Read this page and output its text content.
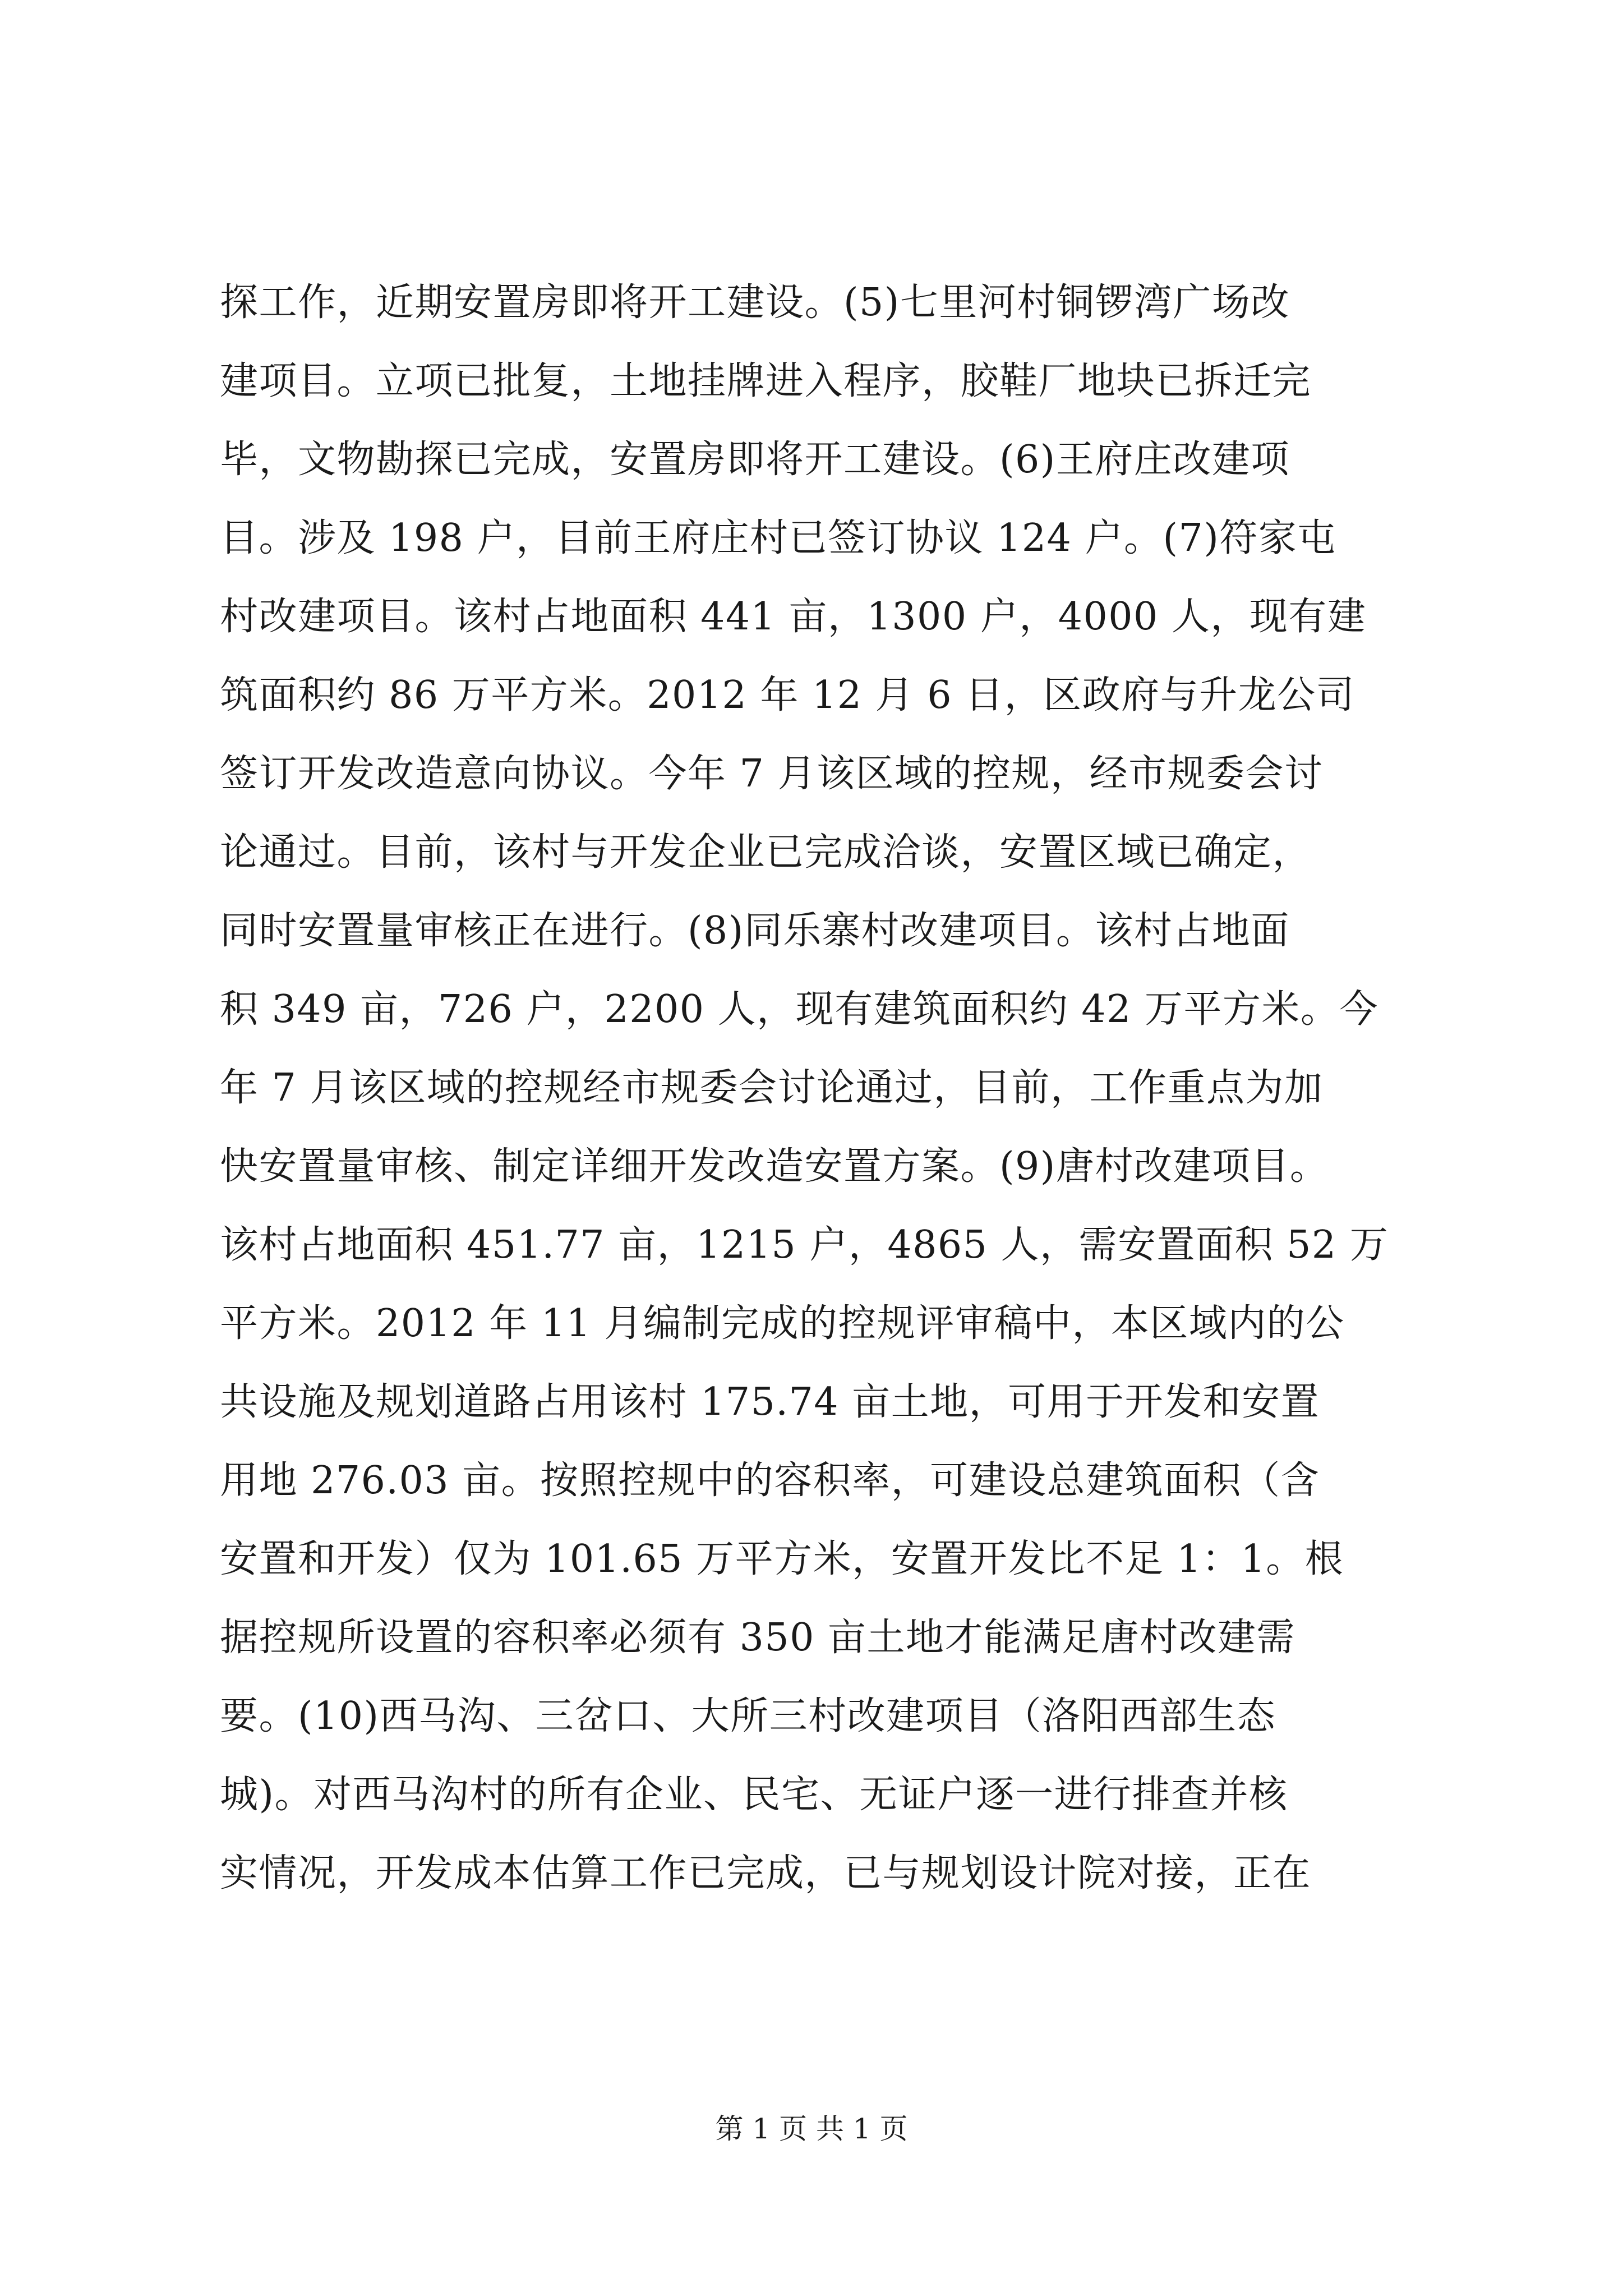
探工作，近期安置房即将开工建设。(5)七里河村铜锣湾广场改
建项目。立项已批复，土地挂牌进入程序，胶鞋厂地块已拆迁完
毕，文物勘探已完成，安置房即将开工建设。(6)王府庄改建项
目。涉及 198 户，目前王府庄村已签订协议 124 户。(7)符家屯
村改建项目。该村占地面积 441 亩，1300 户，4000 人，现有建
筑面积约 86 万平方米。2012 年 12 月 6 日，区政府与升龙公司
签订开发改造意向协议。今年 7 月该区域的控规，经市规委会讨
论通过。目前，该村与开发企业已完成洽谈，安置区域已确定，
同时安置量审核正在进行。(8)同乐寨村改建项目。该村占地面
积 349 亩，726 户，2200 人，现有建筑面积约 42 万平方米。今
年 7 月该区域的控规经市规委会讨论通过，目前，工作重点为加
快安置量审核、制定详细开发改造安置方案。(9)唐村改建项目。
该村占地面积 451.77 亩，1215 户，4865 人，需安置面积 52 万
平方米。2012 年 11 月编制完成的控规评审稿中，本区域内的公
共设施及规划道路占用该村 175.74 亩土地，可用于开发和安置
用地 276.03 亩。按照控规中的容积率，可建设总建筑面积（含
安置和开发）仅为 101.65 万平方米，安置开发比不足 1：1。根
据控规所设置的容积率必须有 350 亩土地才能满足唐村改建需
要。(10)西马沟、三岔口、大所三村改建项目（洛阳西部生态
城)。对西马沟村的所有企业、民宅、无证户逐一进行排查并核
实情况，开发成本估算工作已完成，已与规划设计院对接，正在
第 1 页 共 1 页
